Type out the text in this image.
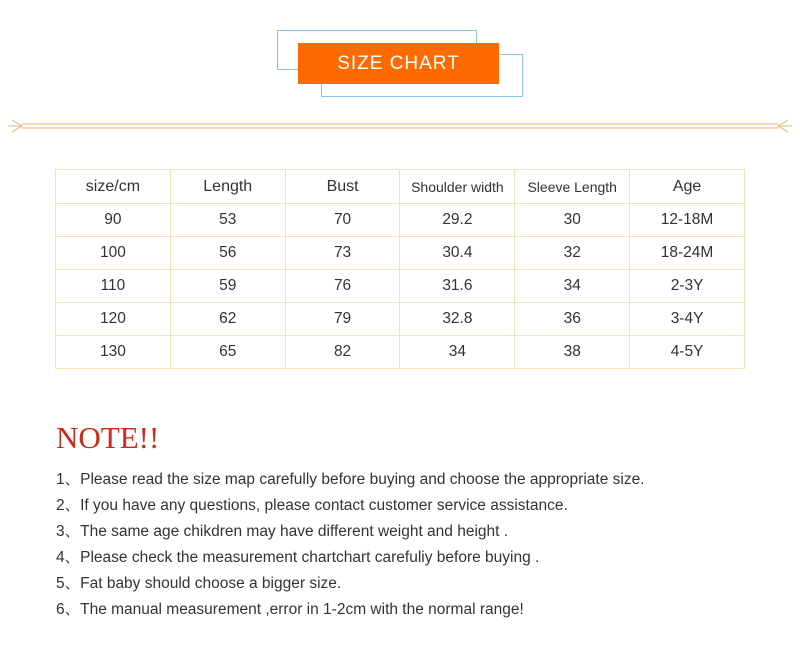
SIZE CHART
size/cm	Length	Bust	Shoulder width	Sleeve Length	Age
90	53	70	29.2	30	12-18M
100	56	73	30.4	32	18-24M
110	59	76	31.6	34	2-3Y
120	62	79	32.8	36	3-4Y
130	65	82	34	38	4-5Y
NOTE!!
1、Please read the size map carefully before buying and choose the appropriate size.
2、If you have any questions, please contact customer service assistance.
3、The same age chikdren may have different weight and height .
4、Please check the measurement chartchart carefuliy before buying .
5、Fat baby should choose a bigger size.
6、The manual measurement ,error in 1-2cm with the normal range!
